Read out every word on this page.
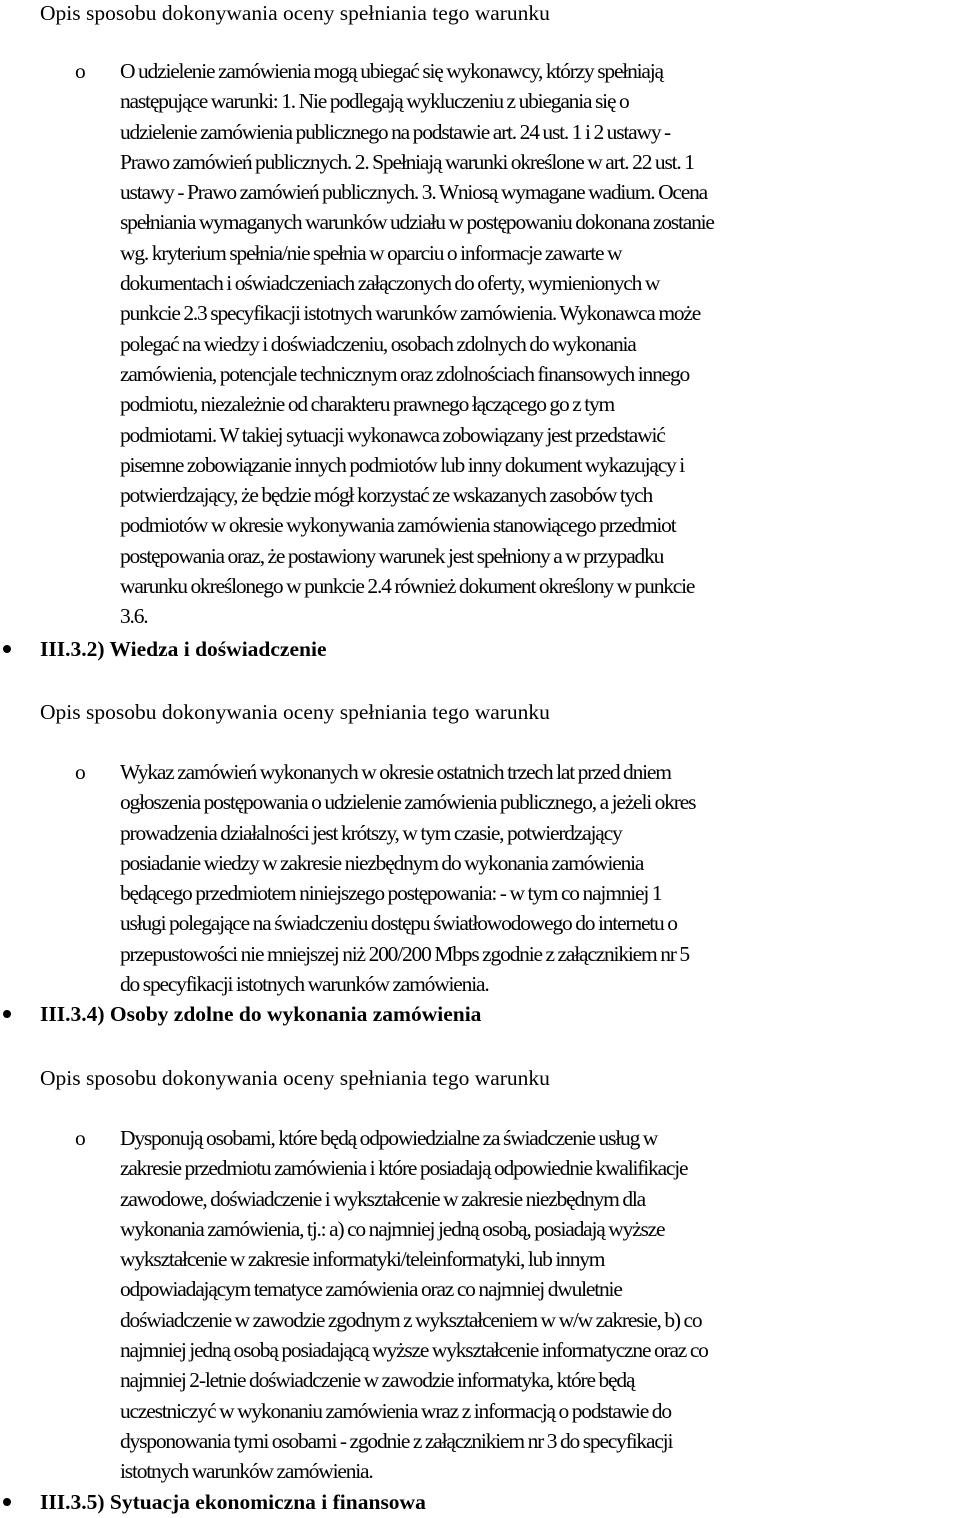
Opis sposobu dokonywania oceny spełniania tego warunku
o O udzielenie zamówienia mogą ubiegać się wykonawcy, którzy spełniają
następujące warunki: 1. Nie podlegają wykluczeniu z ubiegania się o
udzielenie zamówienia publicznego na podstawie art. 24 ust. 1 i 2 ustawy -
Prawo zamówień publicznych. 2. Spełniają warunki określone w art. 22 ust. 1
ustawy - Prawo zamówień publicznych. 3. Wniosą wymagane wadium. Ocena
spełniania wymaganych warunków udziału w postępowaniu dokonana zostanie
wg. kryterium spełnia/nie spełnia w oparciu o informacje zawarte w
dokumentach i oświadczeniach załączonych do oferty, wymienionych w
punkcie 2.3 specyfikacji istotnych warunków zamówienia. Wykonawca może
polegać na wiedzy i doświadczeniu, osobach zdolnych do wykonania
zamówienia, potencjale technicznym oraz zdolnościach finansowych innego
podmiotu, niezależnie od charakteru prawnego łączącego go z tym
podmiotami. W takiej sytuacji wykonawca zobowiązany jest przedstawić
pisemne zobowiązanie innych podmiotów lub inny dokument wykazujący i
potwierdzający, że będzie mógł korzystać ze wskazanych zasobów tych
podmiotów w okresie wykonywania zamówienia stanowiącego przedmiot
postępowania oraz, że postawiony warunek jest spełniony a w przypadku
warunku określonego w punkcie 2.4 również dokument określony w punkcie
3.6.
III.3.2) Wiedza i doświadczenie
Opis sposobu dokonywania oceny spełniania tego warunku
o Wykaz zamówień wykonanych w okresie ostatnich trzech lat przed dniem
ogłoszenia postępowania o udzielenie zamówienia publicznego, a jeżeli okres
prowadzenia działalności jest krótszy, w tym czasie, potwierdzający
posiadanie wiedzy w zakresie niezbędnym do wykonania zamówienia
będącego przedmiotem niniejszego postępowania: - w tym co najmniej 1
usługi polegające na świadczeniu dostępu światłowodowego do internetu o
przepustowości nie mniejszej niż 200/200 Mbps zgodnie z załącznikiem nr 5
do specyfikacji istotnych warunków zamówienia.
III.3.4) Osoby zdolne do wykonania zamówienia
Opis sposobu dokonywania oceny spełniania tego warunku
o Dysponują osobami, które będą odpowiedzialne za świadczenie usług w
zakresie przedmiotu zamówienia i które posiadają odpowiednie kwalifikacje
zawodowe, doświadczenie i wykształcenie w zakresie niezbędnym dla
wykonania zamówienia, tj.: a) co najmniej jedną osobą, posiadają wyższe
wykształcenie w zakresie informatyki/teleinformatyki, lub innym
odpowiadającym tematyce zamówienia oraz co najmniej dwuletnie
doświadczenie w zawodzie zgodnym z wykształceniem w w/w zakresie, b) co
najmniej jedną osobą posiadającą wyższe wykształcenie informatyczne oraz co
najmniej 2-letnie doświadczenie w zawodzie informatyka, które będą
uczestniczyć w wykonaniu zamówienia wraz z informacją o podstawie do
dysponowania tymi osobami - zgodnie z załącznikiem nr 3 do specyfikacji
istotnych warunków zamówienia.
III.3.5) Sytuacja ekonomiczna i finansowa
